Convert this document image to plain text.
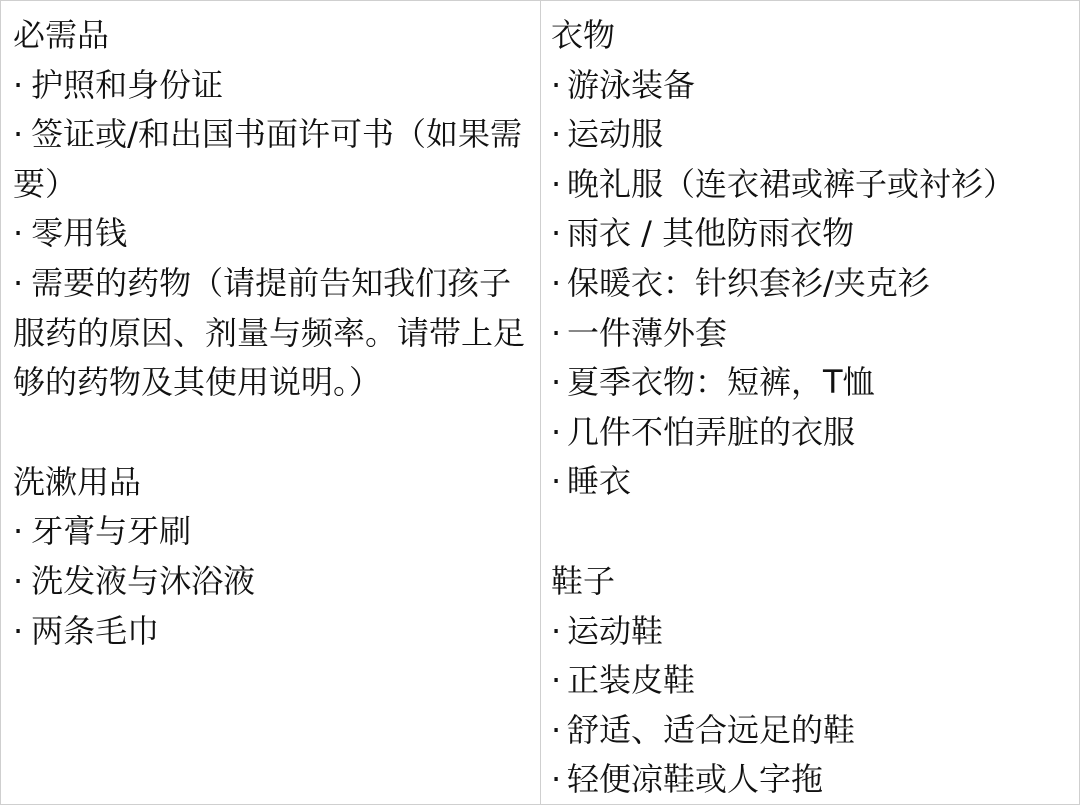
必需品
· 护照和身份证
· 签证或/和出国书面许可书（如果需要）
· 零用钱
· 需要的药物（请提前告知我们孩子服药的原因、剂量与频率。请带上足够的药物及其使用说明。）
洗漱用品
· 牙膏与牙刷
· 洗发液与沐浴液
· 两条毛巾
衣物
· 游泳装备
· 运动服
· 晚礼服（连衣裙或裤子或衬衫）
· 雨衣 / 其他防雨衣物
· 保暖衣：针织套衫/夹克衫
· 一件薄外套
· 夏季衣物：短裤，T恤
· 几件不怕弄脏的衣服
· 睡衣
鞋子
· 运动鞋
· 正装皮鞋
· 舒适、适合远足的鞋
· 轻便凉鞋或人字拖
